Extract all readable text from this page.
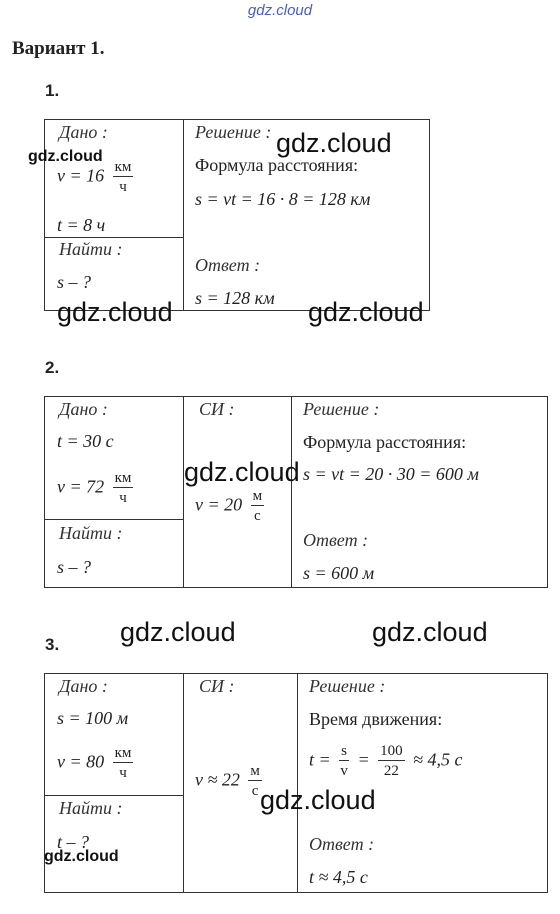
gdz.cloud
Вариант 1.
1.
Дано :
$v = 16 \frac{км}{ч}$
t = 8 ч
Найти :
s – ?
Решение :
Формула расстояния:
s = vt = 16 · 8 = 128 км
Ответ :
s = 128 км
2.
Дано :
t = 30 с
$v = 72 \frac{км}{ч}$
Найти :
s – ?
СИ :
$v = 20 \frac{м}{с}$
Решение :
Формула расстояния:
s = vt = 20 · 30 = 600 м
Ответ :
s = 600 м
3.
Дано :
s = 100 м
$v = 80 \frac{км}{ч}$
Найти :
t – ?
СИ :
$v \approx 22 \frac{м}{с}$
Решение :
Время движения:
$t = \frac{s}{v} = \frac{100}{22} \approx 4,5$ с
Ответ :
t ≈ 4,5 с
gdz.cloud
gdz.cloud
gdz.cloud	gdz.cloud
gdz.cloud
gdz.cloud	gdz.cloud
gdz.cloud
gdz.cloud
